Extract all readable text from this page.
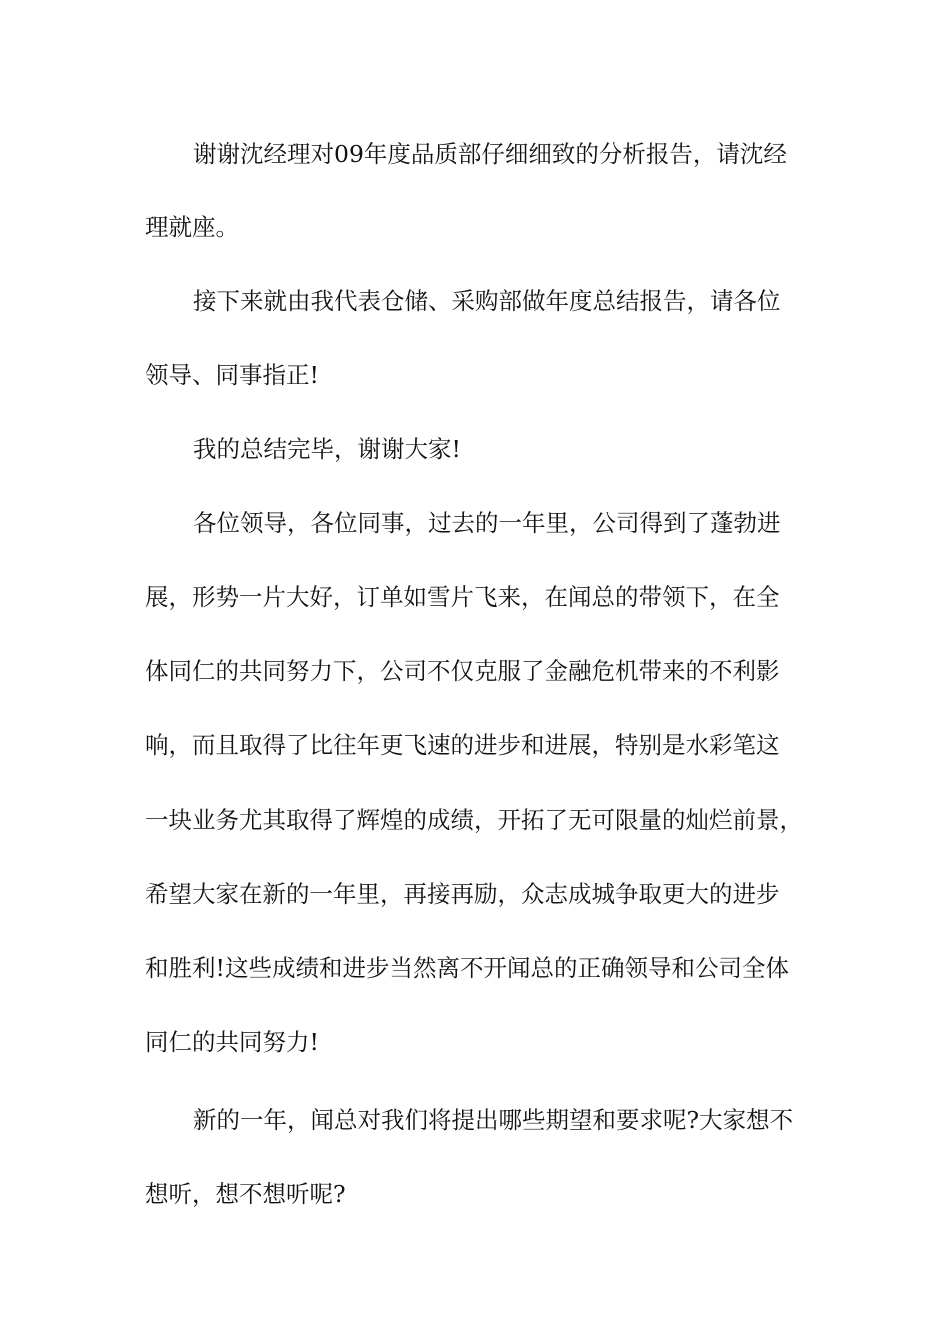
谢谢沈经理对09年度品质部仔细细致的分析报告，请沈经
理就座。
接下来就由我代表仓储、采购部做年度总结报告，请各位
领导、同事指正!
我的总结完毕，谢谢大家!
各位领导，各位同事，过去的一年里，公司得到了蓬勃进
展，形势一片大好，订单如雪片飞来，在闻总的带领下，在全
体同仁的共同努力下，公司不仅克服了金融危机带来的不利影
响，而且取得了比往年更飞速的进步和进展，特别是水彩笔这
一块业务尤其取得了辉煌的成绩，开拓了无可限量的灿烂前景，
希望大家在新的一年里，再接再励，众志成城争取更大的进步
和胜利!这些成绩和进步当然离不开闻总的正确领导和公司全体
同仁的共同努力!
新的一年，闻总对我们将提出哪些期望和要求呢?大家想不
想听，想不想听呢?
